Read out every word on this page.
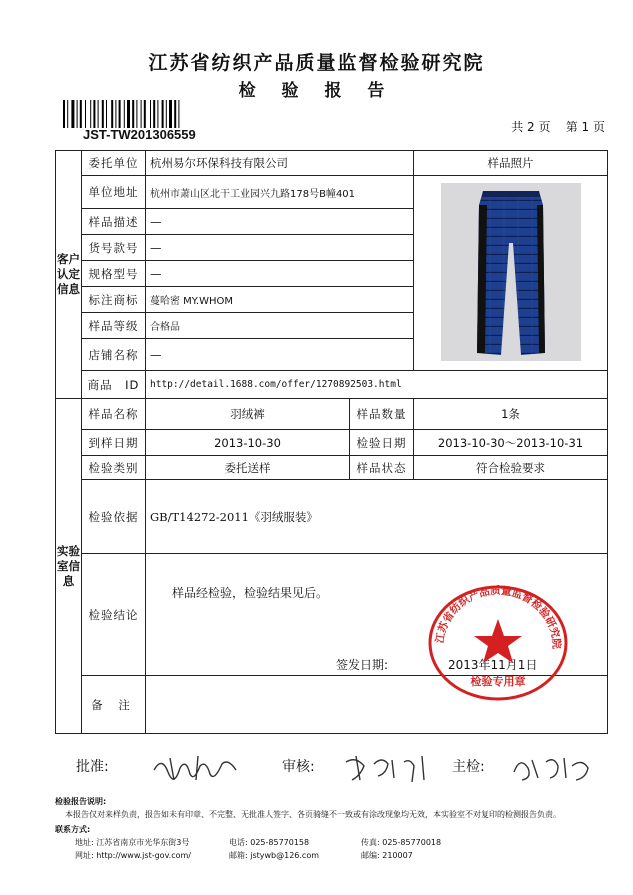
江苏省纺织产品质量监督检验研究院
检 验 报 告
JST-TW201306559	共 2 页 第 1 页
客户认定信息	委托单位	杭州易尔环保科技有限公司		样品照片
	单位地址	杭州市萧山区北干工业园兴九路178号B幢401	
	样品描述	—		
	货号款号	—		
	规格型号	—		
	标注商标	蔓哈密 MY.WHOM		
	样品等级	合格品		
	店铺名称	—		
	商品　ID	http://detail.1688.com/offer/1270892503.html		
实验室信息	样品名称	羽绒裤	样品数量	1条
	到样日期	2013-10-30	检验日期	2013-10-30～2013-10-31
	检验类别	委托送样	样品状态	符合检验要求
	检验依据	GB/T14272-2011《羽绒服装》		
	检验结论	样品经检验，检验结果见后。
签发日期: 2013年11月1日		

	备 注			
江苏省纺织产品质量监督检验研究院
检验专用章
批准:	审核:	主检:
检验报告说明:
本报告仅对来样负责，报告如未有印章、不完整、无批准人签字、各页骑缝不一致或有涂改现象均无效，本实验室不对复印的检测报告负责。
联系方式:
地址: 江苏省南京市光华东街3号	电话: 025-85770158	传真: 025-85770018
网址: http://www.jst-gov.com/	邮箱: jstywb@126.com	邮编: 210007
